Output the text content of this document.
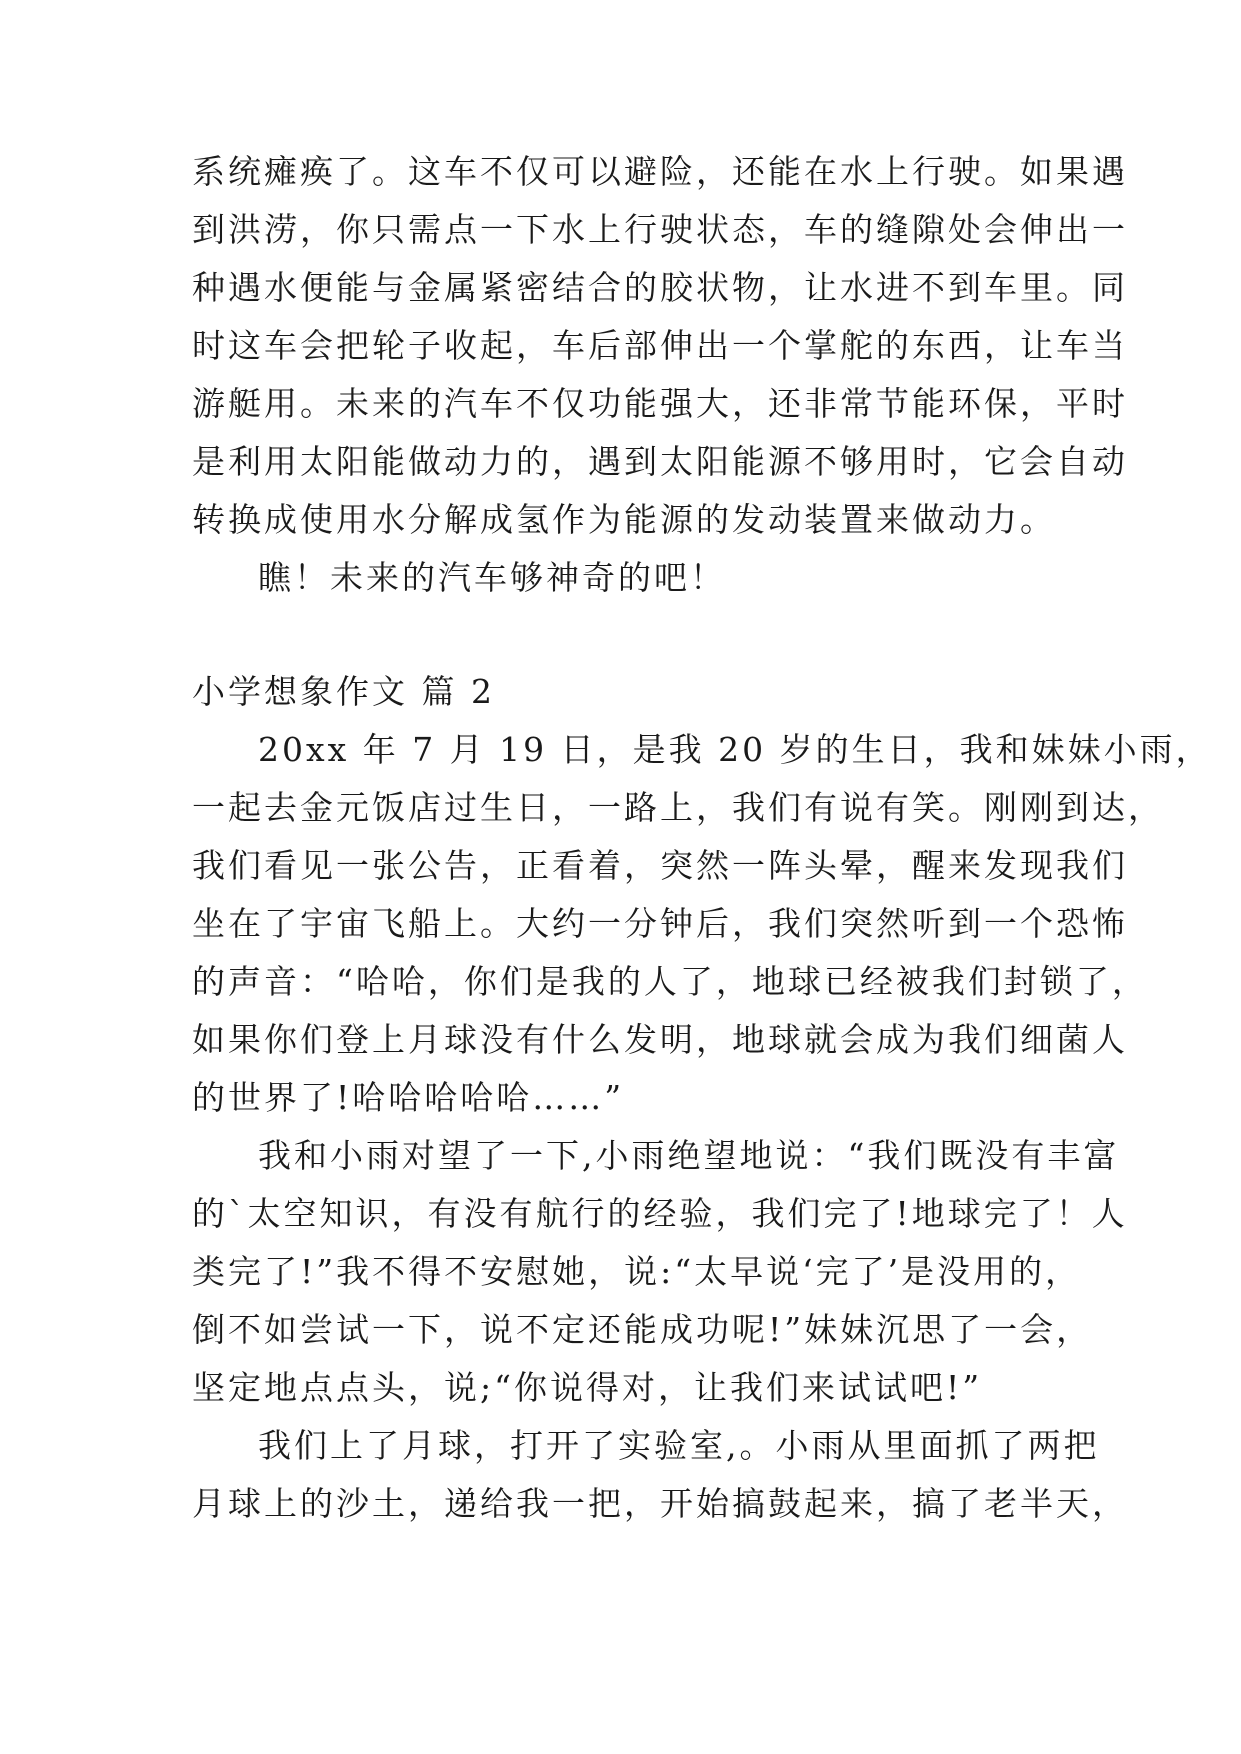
系统瘫痪了。这车不仅可以避险，还能在水上行驶。如果遇
到洪涝，你只需点一下水上行驶状态，车的缝隙处会伸出一
种遇水便能与金属紧密结合的胶状物，让水进不到车里。同
时这车会把轮子收起，车后部伸出一个掌舵的东西，让车当
游艇用。未来的汽车不仅功能强大，还非常节能环保，平时
是利用太阳能做动力的，遇到太阳能源不够用时，它会自动
转换成使用水分解成氢作为能源的发动装置来做动力。
瞧！未来的汽车够神奇的吧！
小学想象作文 篇 2
20xx 年 7 月 19 日，是我 20 岁的生日，我和妹妹小雨，
一起去金元饭店过生日，一路上，我们有说有笑。刚刚到达，
我们看见一张公告，正看着，突然一阵头晕，醒来发现我们
坐在了宇宙飞船上。大约一分钟后，我们突然听到一个恐怖
的声音：“哈哈，你们是我的人了，地球已经被我们封锁了，
如果你们登上月球没有什么发明，地球就会成为我们细菌人
的世界了!哈哈哈哈哈……”
我和小雨对望了一下,小雨绝望地说：“我们既没有丰富
的`太空知识，有没有航行的经验，我们完了!地球完了！人
类完了!”我不得不安慰她，说:“太早说‘完了’是没用的，
倒不如尝试一下，说不定还能成功呢!”妹妹沉思了一会，
坚定地点点头，说;“你说得对，让我们来试试吧!”
我们上了月球，打开了实验室,。小雨从里面抓了两把
月球上的沙土，递给我一把，开始搞鼓起来，搞了老半天，
